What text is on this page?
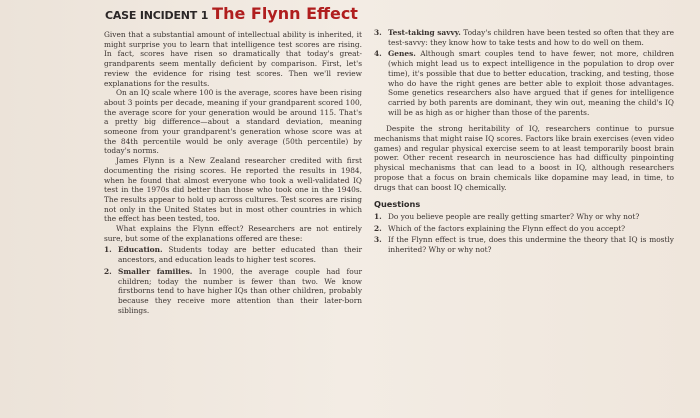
CASE INCIDENT 1 The Flynn Effect

Given that a substantial amount of intellectual ability is inherited, it might surprise you to learn that intelligence test scores are rising. In fact, scores have risen so dramatically that today's great-grandparents seem mentally deficient by comparison. First, let's review the evidence for rising test scores. Then we'll review explanations for the results.

On an IQ scale where 100 is the average, scores have been rising about 3 points per decade, meaning if your grandparent scored 100, the average score for your generation would be around 115. That's a pretty big difference—about a standard deviation, meaning someone from your grandparent's generation whose score was at the 84th percentile would be only average (50th percentile) by today's norms.

James Flynn is a New Zealand researcher credited with first documenting the rising scores. He reported the results in 1984, when he found that almost everyone who took a well-validated IQ test in the 1970s did better than those who took one in the 1940s. The results appear to hold up across cultures. Test scores are rising not only in the United States but in most other countries in which the effect has been tested, too.

What explains the Flynn effect? Researchers are not entirely sure, but some of the explanations offered are these:

1. Education. Students today are better educated than their ancestors, and education leads to higher test scores.
2. Smaller families. In 1900, the average couple had four children; today the number is fewer than two. We know firstborns tend to have higher IQs than other children, probably because they receive more attention than their later-born siblings.
3. Test-taking savvy. Today's children have been tested so often that they are test-savvy: they know how to take tests and how to do well on them.
4. Genes. Although smart couples tend to have fewer, not more, children (which might lead us to expect intelligence in the population to drop over time), it's possible that due to better education, tracking, and testing, those who do have the right genes are better able to exploit those advantages. Some genetics researchers also have argued that if genes for intelligence carried by both parents are dominant, they win out, meaning the child's IQ will be as high as or higher than those of the parents.

Despite the strong heritability of IQ, researchers continue to pursue mechanisms that might raise IQ scores. Factors like brain exercises (even video games) and regular physical exercise seem to at least temporarily boost brain power. Other recent research in neuroscience has had difficulty pinpointing physical mechanisms that can lead to a boost in IQ, although researchers propose that a focus on brain chemicals like dopamine may lead, in time, to drugs that can boost IQ chemically.

Questions
1. Do you believe people are really getting smarter? Why or why not?
2. Which of the factors explaining the Flynn effect do you accept?
3. If the Flynn effect is true, does this undermine the theory that IQ is mostly inherited? Why or why not?
